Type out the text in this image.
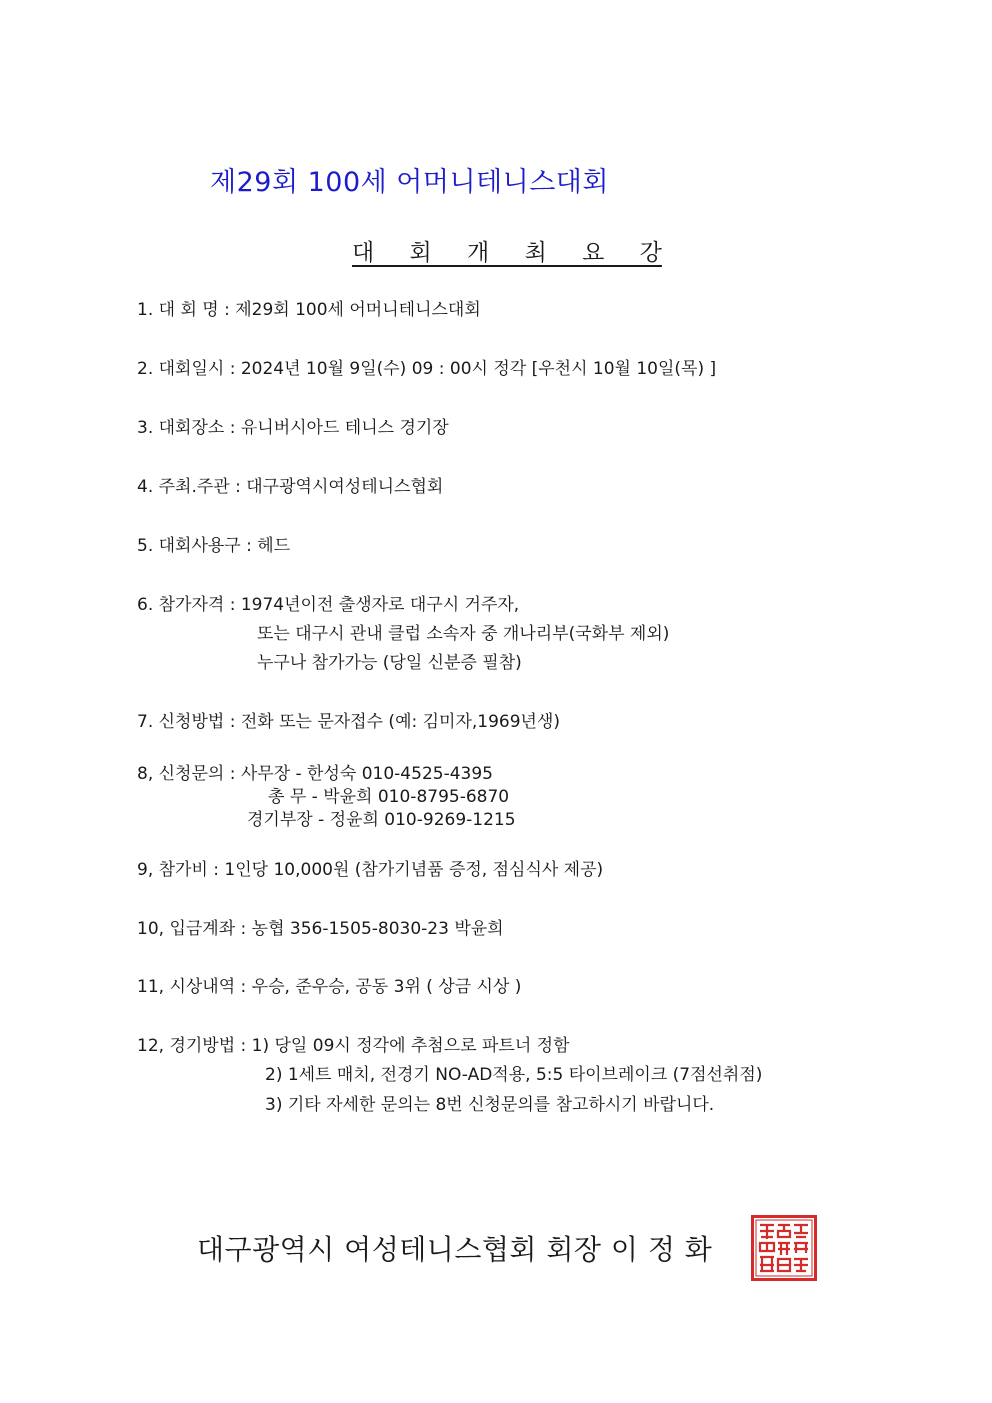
제29회 100세 어머니테니스대회
대 회 개 최 요 강
1. 대 회 명 : 제29회 100세 어머니테니스대회
2. 대회일시 : 2024년 10월 9일(수) 09 : 00시 정각 [우천시 10월 10일(목) ]
3. 대회장소 : 유니버시아드 테니스 경기장
4. 주최.주관 : 대구광역시여성테니스협회
5. 대회사용구 : 헤드
6. 참가자격 : 1974년이전 출생자로 대구시 거주자,
또는 대구시 관내 클럽 소속자 중 개나리부(국화부 제외)
누구나 참가가능 (당일 신분증 필참)
7. 신청방법 : 전화 또는 문자접수 (예: 김미자,1969년생)
8, 신청문의 : 사무장 - 한성숙 010-4525-4395
총 무 - 박윤희 010-8795-6870
경기부장 - 정윤희 010-9269-1215
9, 참가비 : 1인당 10,000원 (참가기념품 증정, 점심식사 제공)
10, 입금계좌 : 농협 356-1505-8030-23 박윤희
11, 시상내역 : 우승, 준우승, 공동 3위 ( 상금 시상 )
12, 경기방법 : 1) 당일 09시 정각에 추첨으로 파트너 정함
2) 1세트 매치, 전경기 NO-AD적용, 5:5 타이브레이크 (7점선취점)
3) 기타 자세한 문의는 8번 신청문의를 참고하시기 바랍니다.
대구광역시 여성테니스협회 회장 이 정 화
